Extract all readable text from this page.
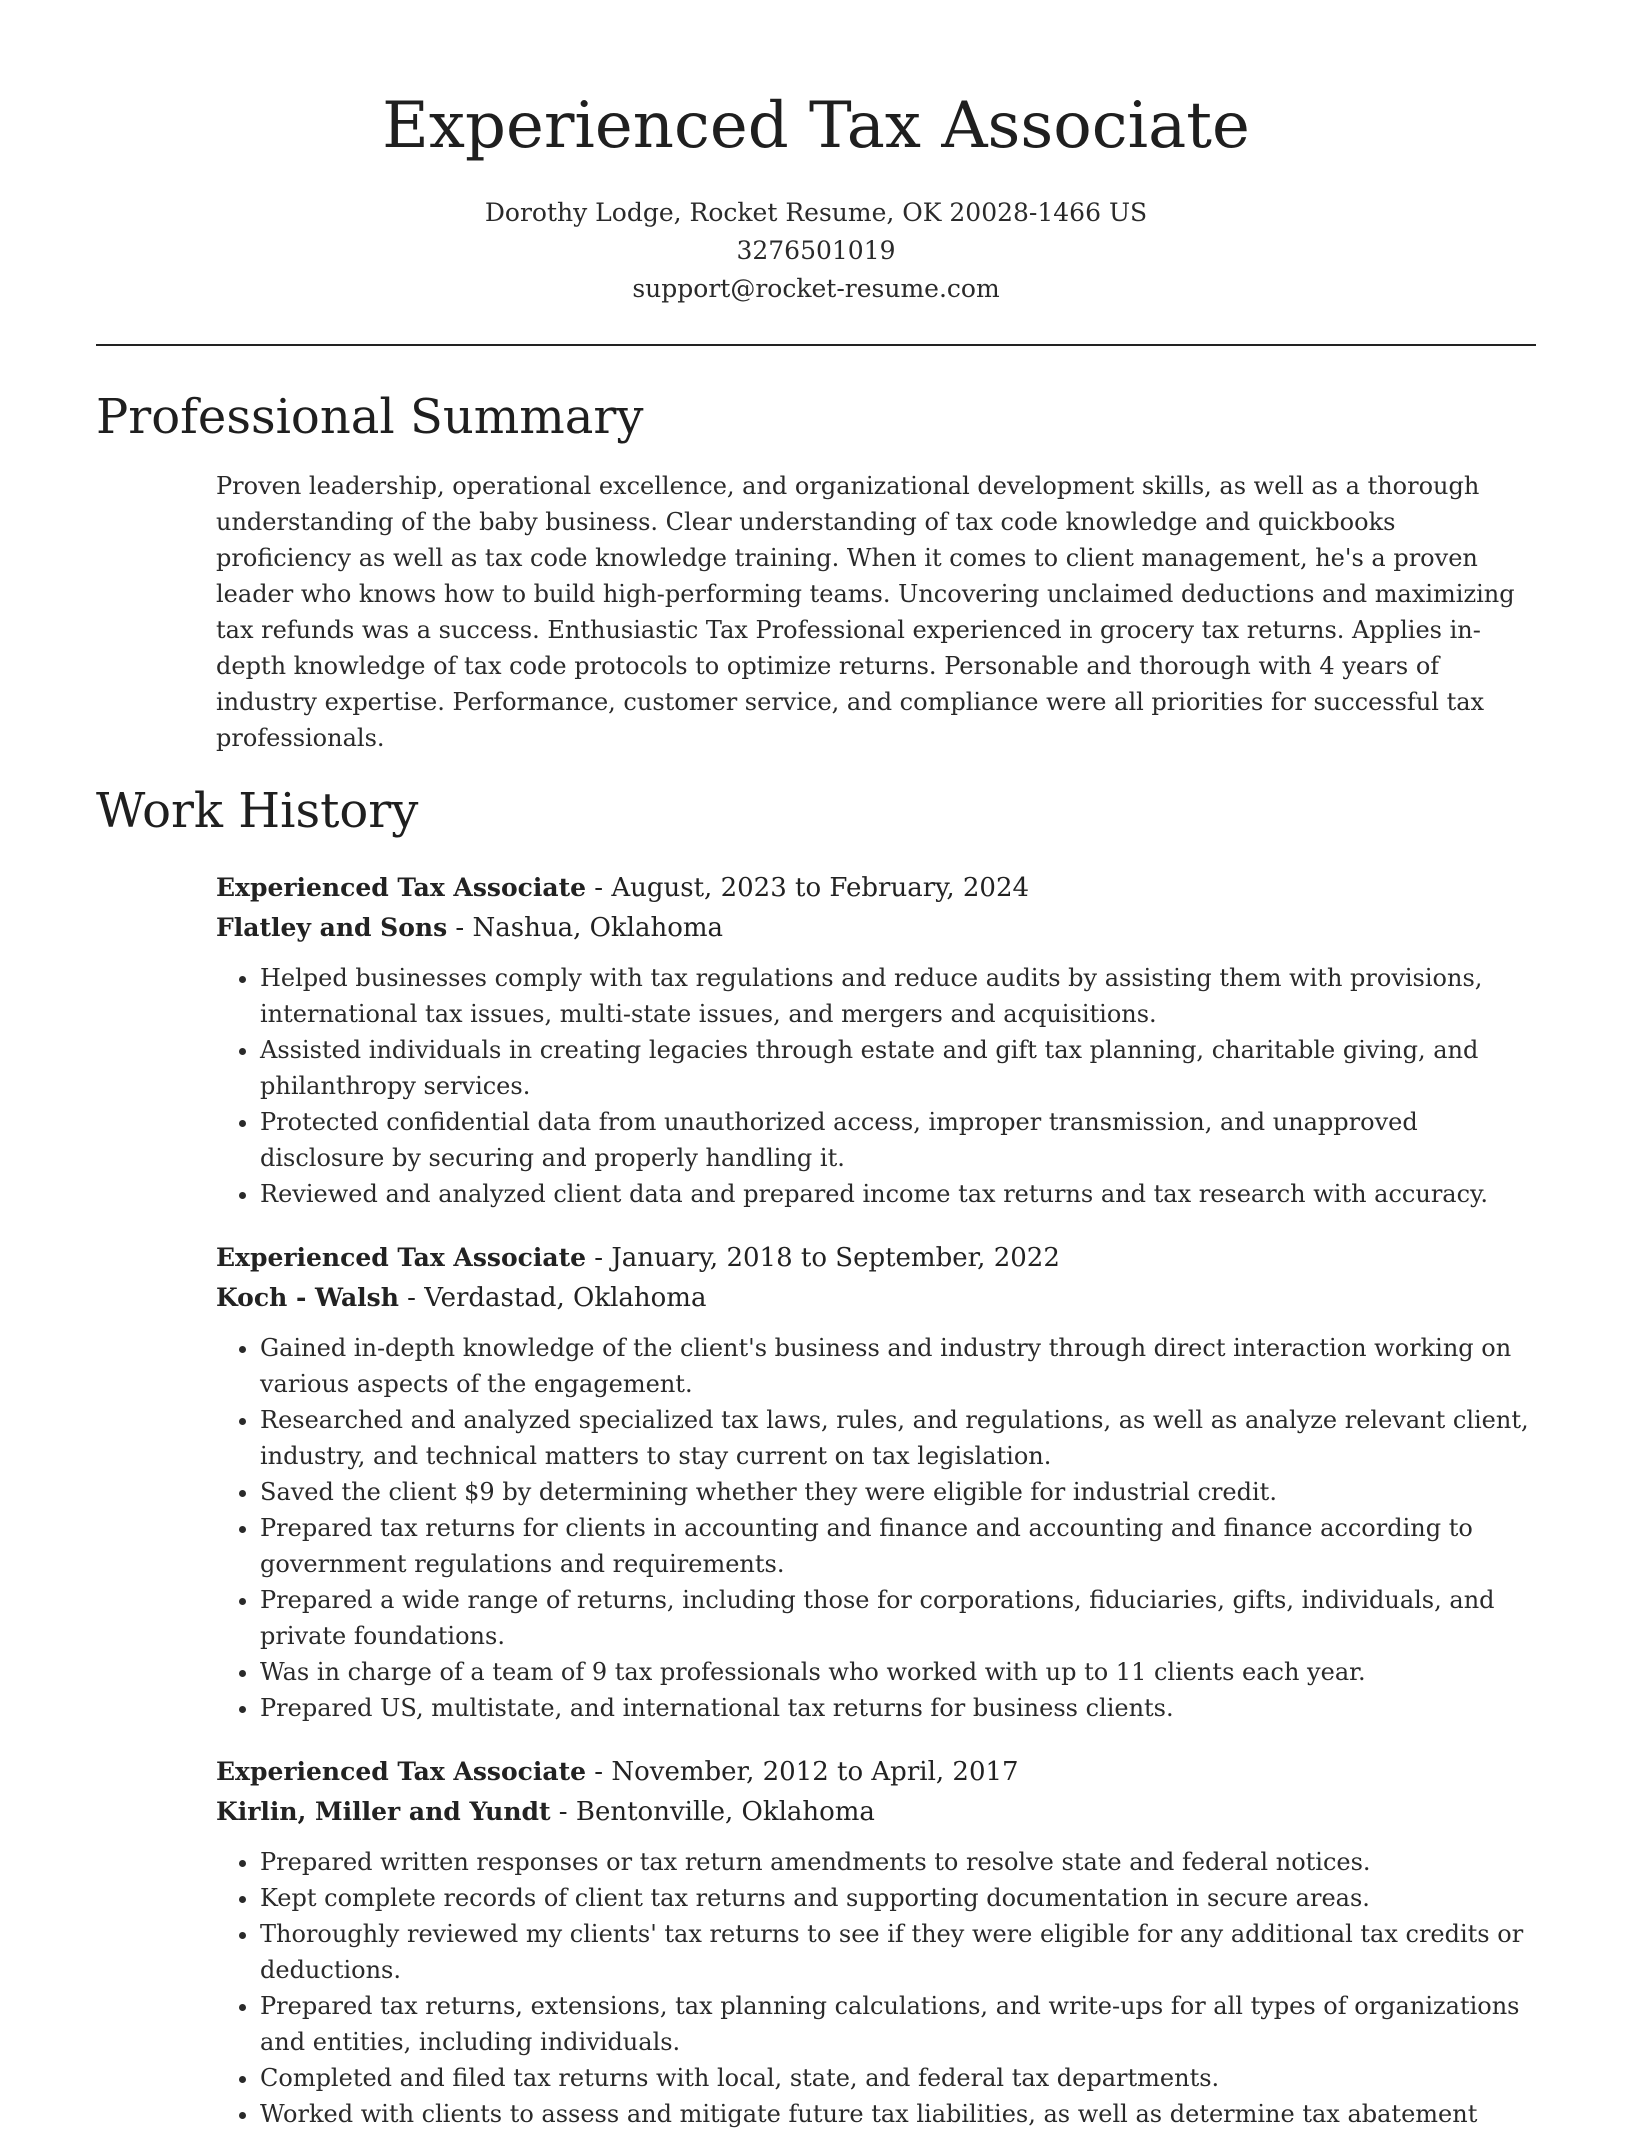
Experienced Tax Associate
Dorothy Lodge, Rocket Resume, OK 20028-1466 US
3276501019
support@rocket-resume.com
Professional Summary

Proven leadership, operational excellence, and organizational development skills, as well as a thorough understanding of the baby business. Clear understanding of tax code knowledge and quickbooks proficiency as well as tax code knowledge training. When it comes to client management, he's a proven leader who knows how to build high-performing teams. Uncovering unclaimed deductions and maximizing tax refunds was a success. Enthusiastic Tax Professional experienced in grocery tax returns. Applies in-depth knowledge of tax code protocols to optimize returns. Personable and thorough with 4 years of industry expertise. Performance, customer service, and compliance were all priorities for successful tax professionals.

Work History
Experienced Tax Associate - August, 2023 to February, 2024
Flatley and Sons - Nashua, Oklahoma
• Helped businesses comply with tax regulations and reduce audits by assisting them with provisions, international tax issues, multi-state issues, and mergers and acquisitions.
• Assisted individuals in creating legacies through estate and gift tax planning, charitable giving, and philanthropy services.
• Protected confidential data from unauthorized access, improper transmission, and unapproved disclosure by securing and properly handling it.
• Reviewed and analyzed client data and prepared income tax returns and tax research with accuracy.
Experienced Tax Associate - January, 2018 to September, 2022
Koch - Walsh - Verdastad, Oklahoma
• Gained in-depth knowledge of the client's business and industry through direct interaction working on various aspects of the engagement.
• Researched and analyzed specialized tax laws, rules, and regulations, as well as analyze relevant client, industry, and technical matters to stay current on tax legislation.
• Saved the client $9 by determining whether they were eligible for industrial credit.
• Prepared tax returns for clients in accounting and finance and accounting and finance according to government regulations and requirements.
• Prepared a wide range of returns, including those for corporations, fiduciaries, gifts, individuals, and private foundations.
• Was in charge of a team of 9 tax professionals who worked with up to 11 clients each year.
• Prepared US, multistate, and international tax returns for business clients.
Experienced Tax Associate - November, 2012 to April, 2017
Kirlin, Miller and Yundt - Bentonville, Oklahoma
• Prepared written responses or tax return amendments to resolve state and federal notices.
• Kept complete records of client tax returns and supporting documentation in secure areas.
• Thoroughly reviewed my clients' tax returns to see if they were eligible for any additional tax credits or deductions.
• Prepared tax returns, extensions, tax planning calculations, and write-ups for all types of organizations and entities, including individuals.
• Completed and filed tax returns with local, state, and federal tax departments.
• Worked with clients to assess and mitigate future tax liabilities, as well as determine tax abatement
